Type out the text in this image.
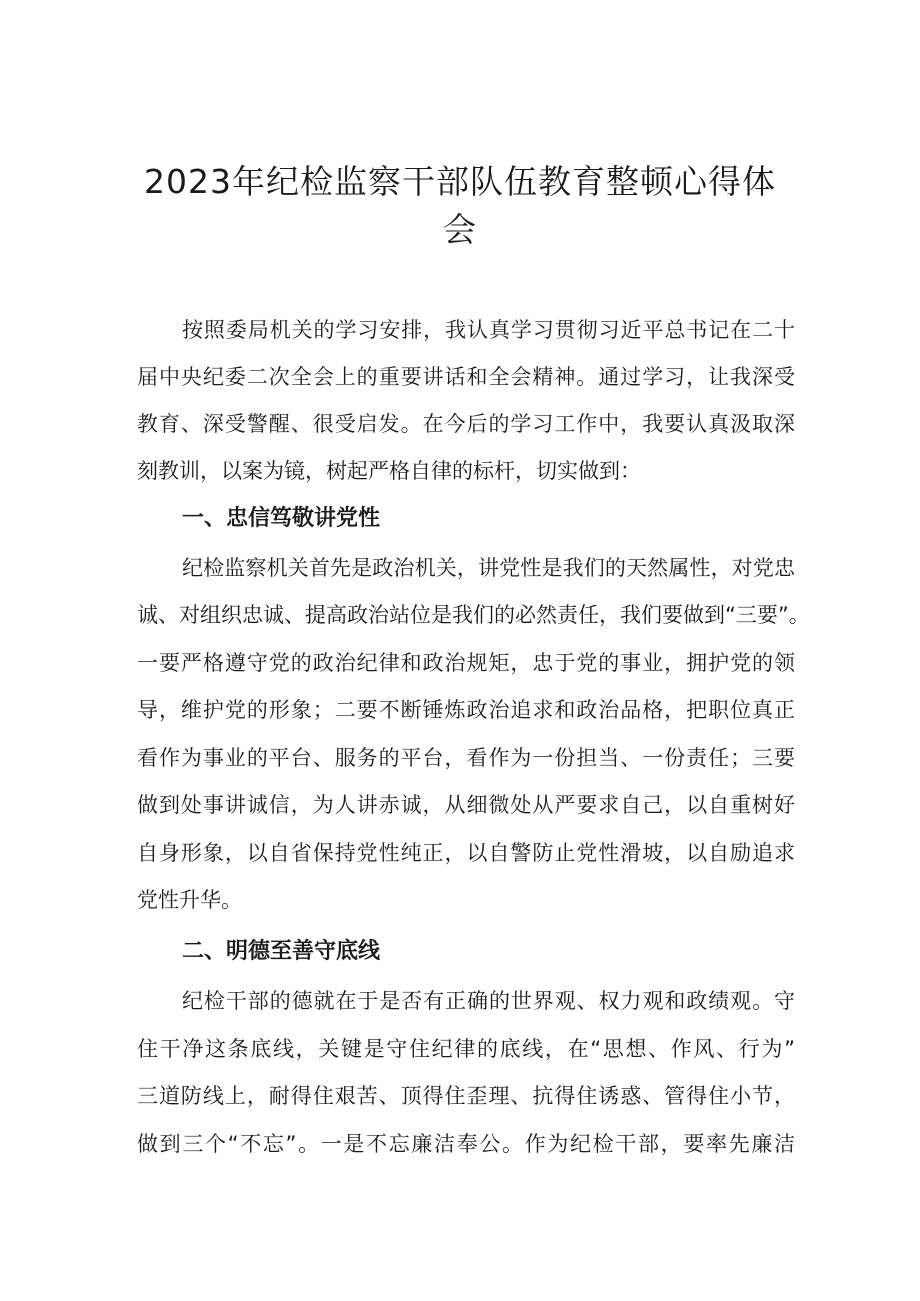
2023年纪检监察干部队伍教育整顿心得体
会
按照委局机关的学习安排，我认真学习贯彻习近平总书记在二十
届中央纪委二次全会上的重要讲话和全会精神。通过学习，让我深受
教育、深受警醒、很受启发。在今后的学习工作中，我要认真汲取深
刻教训，以案为镜，树起严格自律的标杆，切实做到：
一、忠信笃敬讲党性
纪检监察机关首先是政治机关，讲党性是我们的天然属性，对党忠
诚、对组织忠诚、提高政治站位是我们的必然责任，我们要做到“三要”。
一要严格遵守党的政治纪律和政治规矩，忠于党的事业，拥护党的领
导，维护党的形象；二要不断锤炼政治追求和政治品格，把职位真正
看作为事业的平台、服务的平台，看作为一份担当、一份责任；三要
做到处事讲诚信，为人讲赤诚，从细微处从严要求自己，以自重树好
自身形象，以自省保持党性纯正，以自警防止党性滑坡，以自励追求
党性升华。
二、明德至善守底线
纪检干部的德就在于是否有正确的世界观、权力观和政绩观。守
住干净这条底线，关键是守住纪律的底线，在“思想、作风、行为”
三道防线上，耐得住艰苦、顶得住歪理、抗得住诱惑、管得住小节，
做到三个“不忘”。一是不忘廉洁奉公。作为纪检干部，要率先廉洁
